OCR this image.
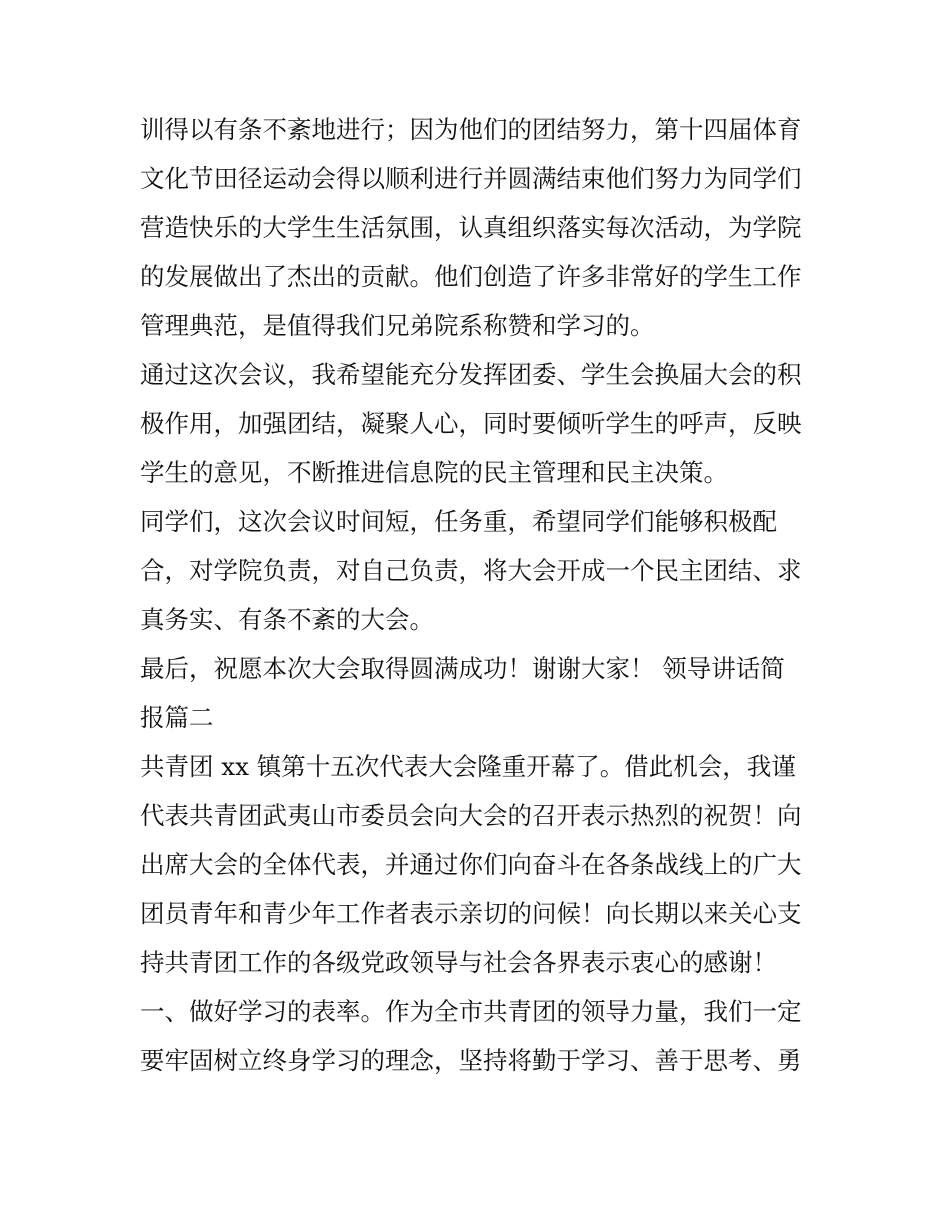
训得以有条不紊地进行；因为他们的团结努力，第十四届体育
文化节田径运动会得以顺利进行并圆满结束他们努力为同学们
营造快乐的大学生生活氛围，认真组织落实每次活动，为学院
的发展做出了杰出的贡献。他们创造了许多非常好的学生工作
管理典范，是值得我们兄弟院系称赞和学习的。
通过这次会议，我希望能充分发挥团委、学生会换届大会的积
极作用，加强团结，凝聚人心，同时要倾听学生的呼声，反映
学生的意见，不断推进信息院的民主管理和民主决策。
同学们，这次会议时间短，任务重，希望同学们能够积极配
合，对学院负责，对自己负责，将大会开成一个民主团结、求
真务实、有条不紊的大会。
最后，祝愿本次大会取得圆满成功！谢谢大家！ 领导讲话简
报篇二
共青团 xx 镇第十五次代表大会隆重开幕了。借此机会，我谨
代表共青团武夷山市委员会向大会的召开表示热烈的祝贺！向
出席大会的全体代表，并通过你们向奋斗在各条战线上的广大
团员青年和青少年工作者表示亲切的问候！向长期以来关心支
持共青团工作的各级党政领导与社会各界表示衷心的感谢！
一、做好学习的表率。作为全市共青团的领导力量，我们一定
要牢固树立终身学习的理念，坚持将勤于学习、善于思考、勇
